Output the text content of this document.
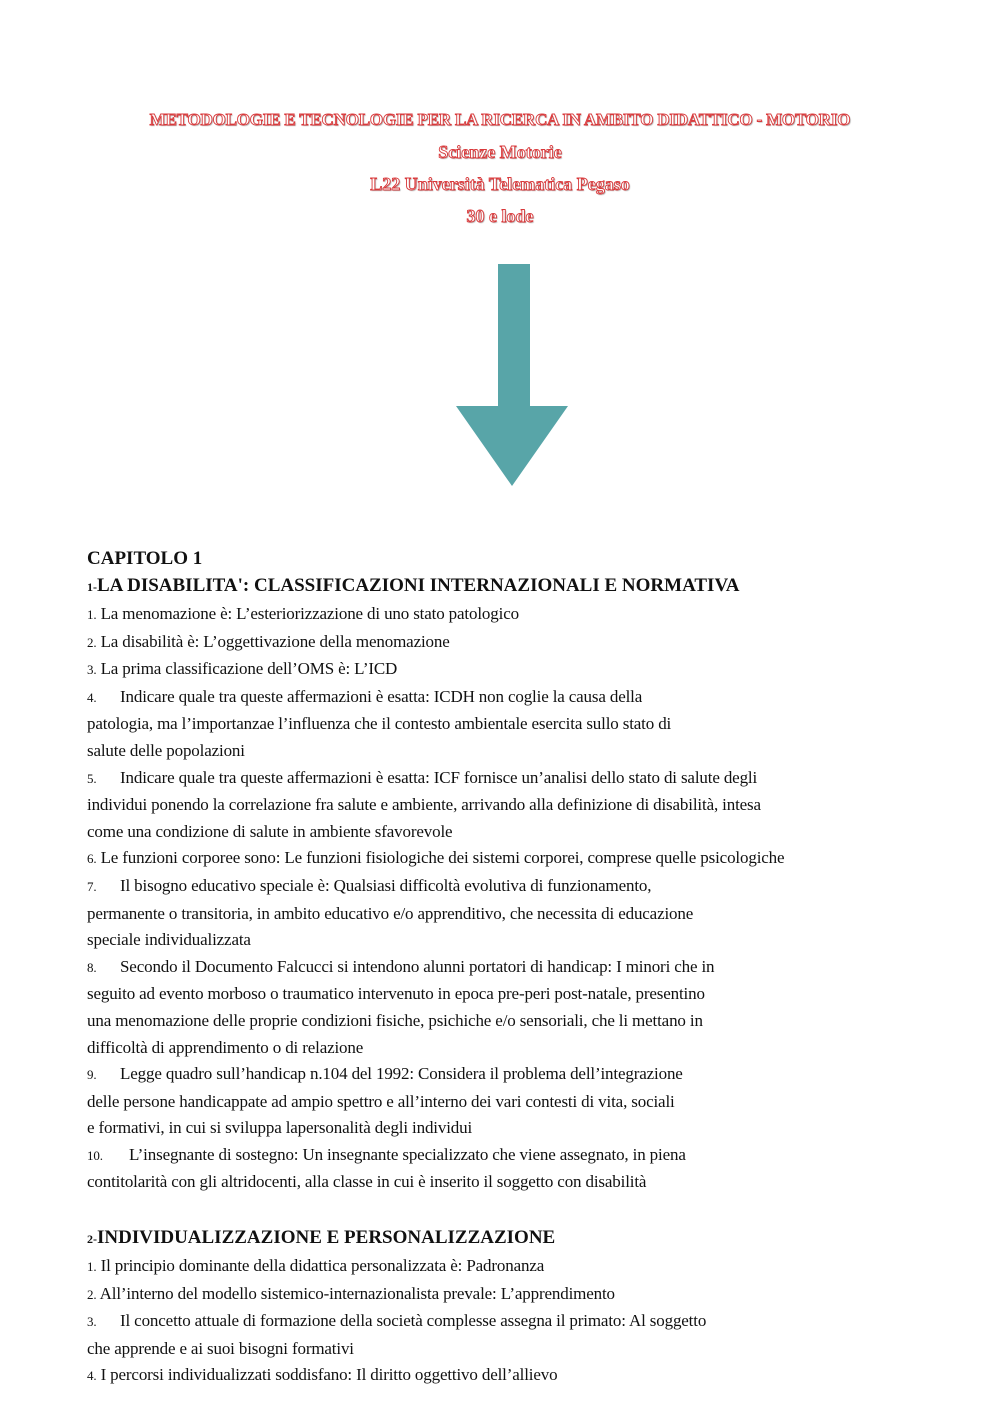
METODOLOGIE E TECNOLOGIE PER LA RICERCA IN AMBITO DIDATTICO - MOTORIO
Scienze Motorie
L22 Università Telematica Pegaso
30 e lode

CAPITOLO 1

1-LA DISABILITA': CLASSIFICAZIONI INTERNAZIONALI E NORMATIVA

1. La menomazione è: L’esteriorizzazione di uno stato patologico

2. La disabilità è: L’oggettivazione della menomazione

3. La prima classificazione dell’OMS è: L’ICD

4. Indicare quale tra queste affermazioni è esatta: ICDH non coglie la causa della
patologia, ma l’importanzae l’influenza che il contesto ambientale esercita sullo stato di
salute delle popolazioni

5. Indicare quale tra queste affermazioni è esatta: ICF fornisce un’analisi dello stato di salute degli
individui ponendo la correlazione fra salute e ambiente, arrivando alla definizione di disabilità, intesa
come una condizione di salute in ambiente sfavorevole

6. Le funzioni corporee sono: Le funzioni fisiologiche dei sistemi corporei, comprese quelle psicologiche

7. Il bisogno educativo speciale è: Qualsiasi difficoltà evolutiva di funzionamento,
permanente o transitoria, in ambito educativo e/o apprenditivo, che necessita di educazione
speciale individualizzata

8. Secondo il Documento Falcucci si intendono alunni portatori di handicap: I minori che in
seguito ad evento morboso o traumatico intervenuto in epoca pre-peri post-natale, presentino
una menomazione delle proprie condizioni fisiche, psichiche e/o sensoriali, che li mettano in
difficoltà di apprendimento o di relazione

9. Legge quadro sull’handicap n.104 del 1992: Considera il problema dell’integrazione
delle persone handicappate ad ampio spettro e all’interno dei vari contesti di vita, sociali
e formativi, in cui si sviluppa lapersonalità degli individui

10. L’insegnante di sostegno: Un insegnante specializzato che viene assegnato, in piena
contitolarità con gli altridocenti, alla classe in cui è inserito il soggetto con disabilità

2-INDIVIDUALIZZAZIONE E PERSONALIZZAZIONE

1. Il principio dominante della didattica personalizzata è: Padronanza

2. All’interno del modello sistemico-internazionalista prevale: L’apprendimento

3. Il concetto attuale di formazione della società complesse assegna il primato: Al soggetto
che apprende e ai suoi bisogni formativi

4. I percorsi individualizzati soddisfano: Il diritto oggettivo dell’allievo
